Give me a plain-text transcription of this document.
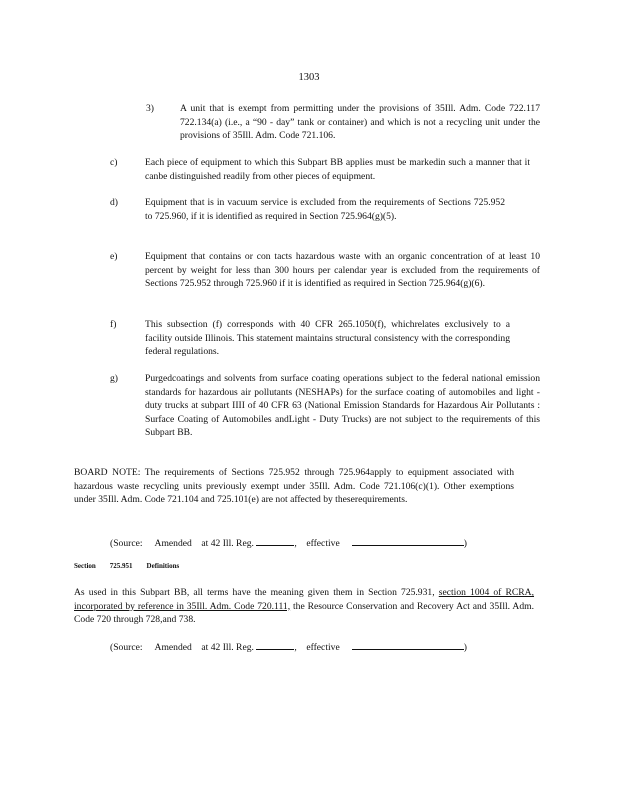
1303
3)	A unit that is exempt from permitting under the provisions of 35Ill. Adm. Code 722.117 722.134(a) (i.e., a “90 - day” tank or container) and which is not a recycling unit under the provisions of 35Ill. Adm. Code 721.106.
c)	Each piece of equipment to which this Subpart BB applies must be markedin such a manner that it canbe distinguished readily from other pieces of equipment.
d)	Equipment that is in vacuum service is excluded from the requirements of Sections 725.952 to 725.960, if it is identified as required in Section 725.964(g)(5).
e)	Equipment that contains or con tacts hazardous waste with an organic concentration of at least 10 percent by weight for less than 300 hours per calendar year is excluded from the requirements of Sections 725.952 through 725.960 if it is identified as required in Section 725.964(g)(6).
f)	This subsection (f) corresponds with 40 CFR 265.1050(f), whichrelates exclusively to a facility outside Illinois. This statement maintains structural consistency with the corresponding federal regulations.
g)	Purgedcoatings and solvents from surface coating operations subject to the federal national emission standards for hazardous air pollutants (NESHAPs) for the surface coating of automobiles and light -duty trucks at subpart IIII of 40 CFR 63 (National Emission Standards for Hazardous Air Pollutants : Surface Coating of Automobiles andLight - Duty Trucks) are not subject to the requirements of this Subpart BB.
BOARD NOTE: The requirements of Sections 725.952 through 725.964apply to equipment associated with hazardous waste recycling units previously exempt under 35Ill. Adm. Code 721.106(c)(1). Other exemptions under 35Ill. Adm. Code 721.104 and 725.101(e) are not affected by theserequirements.
(Source: Amended at 42 Ill. Reg.	, effective	)
Section 725.951 Definitions
As used in this Subpart BB, all terms have the meaning given them in Section 725.931, section 1004 of RCRA, incorporated by reference in 35Ill. Adm. Code 720.111, the Resource Conservation and Recovery Act and 35Ill. Adm. Code 720 through 728,and 738.
(Source: Amended at 42 Ill. Reg.	, effective	)
